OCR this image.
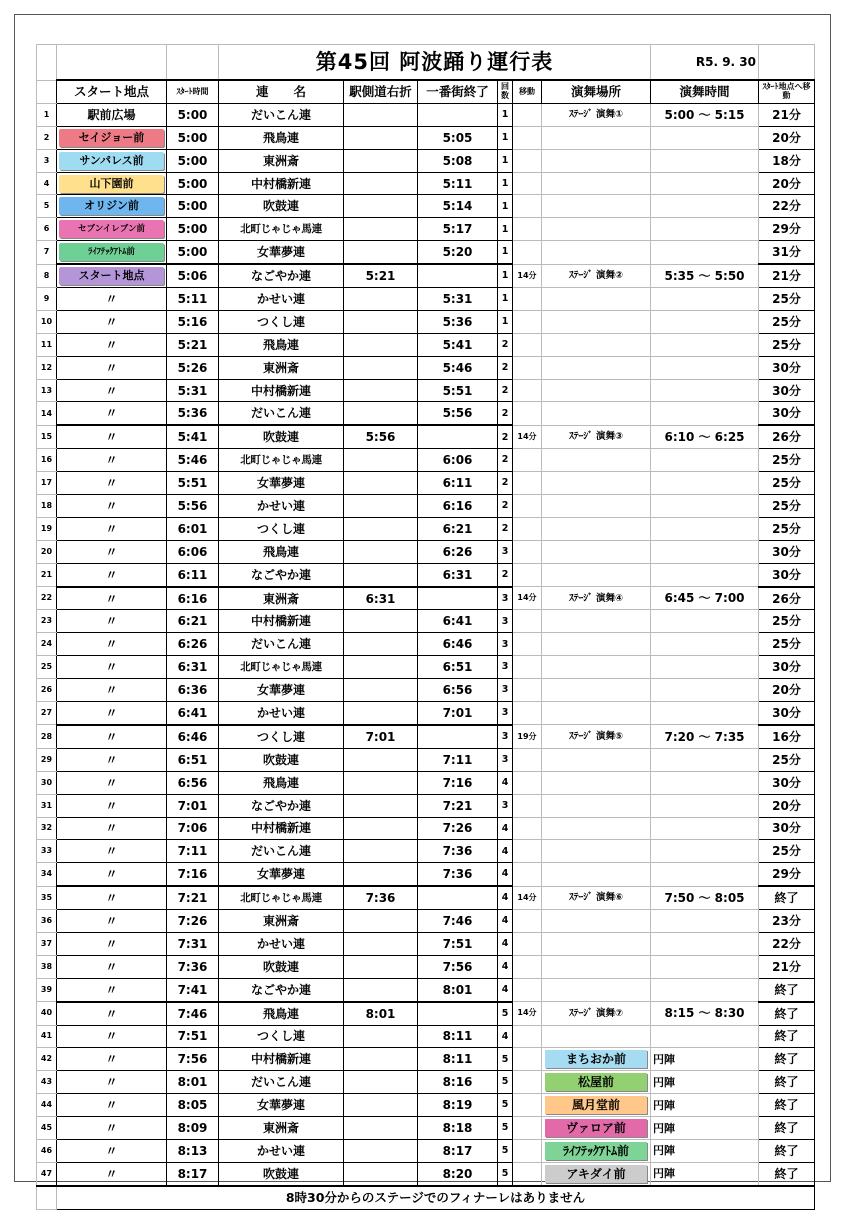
			第45回 阿波踊り運行表						R5. 9. 30	
	スタート地点	ｽﾀｰﾄ時間	連　　名	駅側道右折	一番街終了	回数	移動	演舞場所	演舞時間	ｽﾀｰﾄ地点へ移動
1	駅前広場	5:00	だいこん連			1		ｽﾃｰｼﾞ 演舞①	5:00 ～ 5:15	21分
2	セイジョー前	5:00	飛鳥連		5:05	1				20分
3	サンパレス前	5:00	東洲斎		5:08	1				18分
4	山下園前	5:00	中村橋新連		5:11	1				20分
5	オリジン前	5:00	吹鼓連		5:14	1				22分
6	セブンイレブン前	5:00	北町じゃじゃ馬連		5:17	1				29分
7	ﾗｲﾌﾃｯｸｱﾄﾑ前	5:00	女華夢連		5:20	1				31分
8	スタート地点	5:06	なごやか連	5:21		1	14分	ｽﾃｰｼﾞ 演舞②	5:35 ～ 5:50	21分
9	〃	5:11	かせい連		5:31	1				25分
10	〃	5:16	つくし連		5:36	1				25分
11	〃	5:21	飛鳥連		5:41	2				25分
12	〃	5:26	東洲斎		5:46	2				30分
13	〃	5:31	中村橋新連		5:51	2				30分
14	〃	5:36	だいこん連		5:56	2				30分
15	〃	5:41	吹鼓連	5:56		2	14分	ｽﾃｰｼﾞ 演舞③	6:10 ～ 6:25	26分
16	〃	5:46	北町じゃじゃ馬連		6:06	2				25分
17	〃	5:51	女華夢連		6:11	2				25分
18	〃	5:56	かせい連		6:16	2				25分
19	〃	6:01	つくし連		6:21	2				25分
20	〃	6:06	飛鳥連		6:26	3				30分
21	〃	6:11	なごやか連		6:31	2				30分
22	〃	6:16	東洲斎	6:31		3	14分	ｽﾃｰｼﾞ 演舞④	6:45 ～ 7:00	26分
23	〃	6:21	中村橋新連		6:41	3				25分
24	〃	6:26	だいこん連		6:46	3				25分
25	〃	6:31	北町じゃじゃ馬連		6:51	3				30分
26	〃	6:36	女華夢連		6:56	3				20分
27	〃	6:41	かせい連		7:01	3				30分
28	〃	6:46	つくし連	7:01		3	19分	ｽﾃｰｼﾞ 演舞⑤	7:20 ～ 7:35	16分
29	〃	6:51	吹鼓連		7:11	3				25分
30	〃	6:56	飛鳥連		7:16	4				30分
31	〃	7:01	なごやか連		7:21	3				20分
32	〃	7:06	中村橋新連		7:26	4				30分
33	〃	7:11	だいこん連		7:36	4				25分
34	〃	7:16	女華夢連		7:36	4				29分
35	〃	7:21	北町じゃじゃ馬連	7:36		4	14分	ｽﾃｰｼﾞ 演舞⑥	7:50 ～ 8:05	終了
36	〃	7:26	東洲斎		7:46	4				23分
37	〃	7:31	かせい連		7:51	4				22分
38	〃	7:36	吹鼓連		7:56	4				21分
39	〃	7:41	なごやか連		8:01	4				終了
40	〃	7:46	飛鳥連	8:01		5	14分	ｽﾃｰｼﾞ 演舞⑦	8:15 ～ 8:30	終了
41	〃	7:51	つくし連		8:11	4				終了
42	〃	7:56	中村橋新連		8:11	5		まちおか前	円陣	終了
43	〃	8:01	だいこん連		8:16	5		松屋前	円陣	終了
44	〃	8:05	女華夢連		8:19	5		風月堂前	円陣	終了
45	〃	8:09	東洲斎		8:18	5		ヴァロア前	円陣	終了
46	〃	8:13	かせい連		8:17	5		ﾗｲﾌﾃｯｸｱﾄﾑ前	円陣	終了
47	〃	8:17	吹鼓連		8:20	5		アキダイ前	円陣	終了
	8時30分からのステージでのフィナーレはありません									
